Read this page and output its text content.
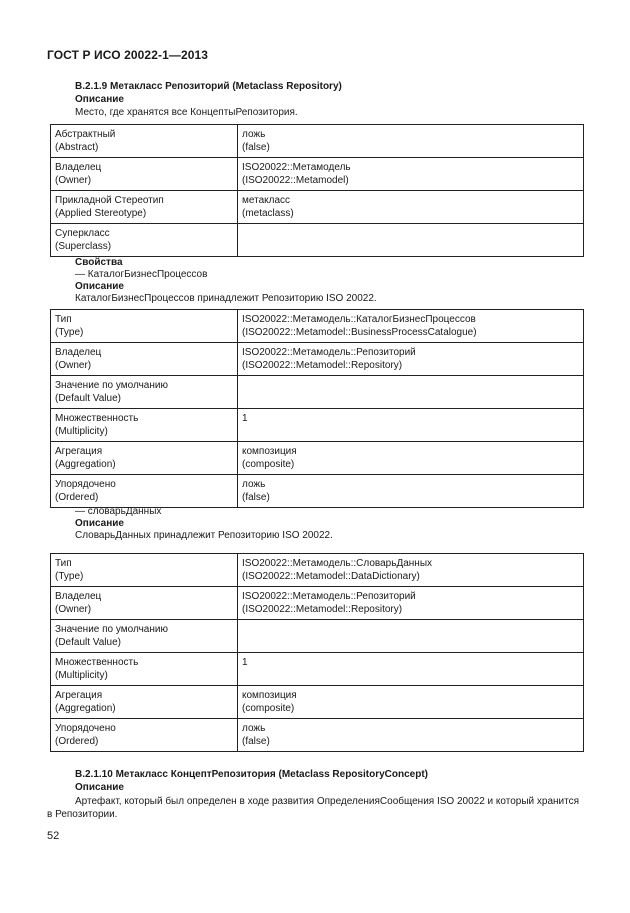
ГОСТ Р ИСО 20022-1—2013
B.2.1.9 Метакласс Репозиторий (Metaclass Repository)
Описание
Место, где хранятся все КонцептыРепозитория.
Абстрактный
(Abstract)	ложь
(false)

Владелец
(Owner)	ISO20022::Метамодель
(ISO20022::Metamodel)

Прикладной Стереотип
(Applied Stereotype)	метакласс
(metaclass)

Суперкласс
(Superclass)	

Свойства
— КаталогБизнесПроцессов
Описание
КаталогБизнесПроцессов принадлежит Репозиторию ISO 20022.
Тип
(Type)	ISO20022::Метамодель::КаталогБизнесПроцессов
(ISO20022::Metamodel::BusinessProcessCatalogue)

Владелец
(Owner)	ISO20022::Метамодель::Репозиторий
(ISO20022::Metamodel::Repository)

Значение по умолчанию
(Default Value)	

Множественность
(Multiplicity)	1

Агрегация
(Aggregation)	композиция
(composite)

Упорядочено
(Ordered)	ложь
(false)
— словарьДанных
Описание
СловарьДанных принадлежит Репозиторию ISO 20022.
Тип
(Type)	ISO20022::Метамодель::СловарьДанных
(ISO20022::Metamodel::DataDictionary)

Владелец
(Owner)	ISO20022::Метамодель::Репозиторий
(ISO20022::Metamodel::Repository)

Значение по умолчанию
(Default Value)	

Множественность
(Multiplicity)	1

Агрегация
(Aggregation)	композиция
(composite)

Упорядочено
(Ordered)	ложь
(false)
B.2.1.10 Метакласс КонцептРепозитория (Metaclass RepositoryConcept)
Описание
Артефакт, который был определен в ходе развития ОпределенияСообщения ISO 20022 и который хранится
в Репозитории.
52
